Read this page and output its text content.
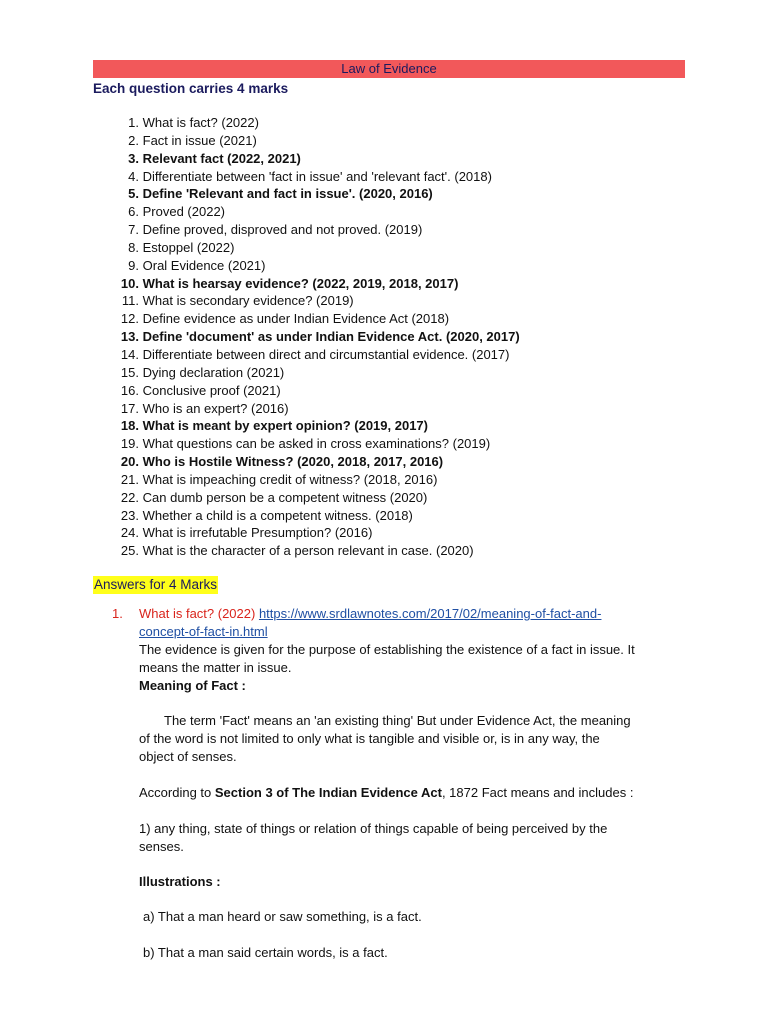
Law of Evidence
Each question carries 4 marks
1. What is fact? (2022)
2. Fact in issue (2021)
3. Relevant fact (2022, 2021)
4. Differentiate between 'fact in issue' and 'relevant fact'. (2018)
5. Define 'Relevant and fact in issue'. (2020, 2016)
6. Proved (2022)
7. Define proved, disproved and not proved. (2019)
8. Estoppel (2022)
9. Oral Evidence (2021)
10. What is hearsay evidence? (2022, 2019, 2018, 2017)
11. What is secondary evidence? (2019)
12. Define evidence as under Indian Evidence Act (2018)
13. Define 'document' as under Indian Evidence Act. (2020, 2017)
14. Differentiate between direct and circumstantial evidence. (2017)
15. Dying declaration (2021)
16. Conclusive proof (2021)
17. Who is an expert? (2016)
18. What is meant by expert opinion? (2019, 2017)
19. What questions can be asked in cross examinations? (2019)
20. Who is Hostile Witness? (2020, 2018, 2017, 2016)
21. What is impeaching credit of witness? (2018, 2016)
22. Can dumb person be a competent witness (2020)
23. Whether a child is a competent witness. (2018)
24. What is irrefutable Presumption? (2016)
25. What is the character of a person relevant in case. (2020)
Answers for 4 Marks
1. What is fact? (2022) https://www.srdlawnotes.com/2017/02/meaning-of-fact-and-
concept-of-fact-in.html
The evidence is given for the purpose of establishing the existence of a fact in issue. It
means the matter in issue.
Meaning of Fact :
The term 'Fact' means an 'an existing thing' But under Evidence Act, the meaning
of the word is not limited to only what is tangible and visible or, is in any way, the
object of senses.
According to Section 3 of The Indian Evidence Act, 1872 Fact means and includes :
1) any thing, state of things or relation of things capable of being perceived by the
senses.
Illustrations :
a) That a man heard or saw something, is a fact.
b) That a man said certain words, is a fact.
